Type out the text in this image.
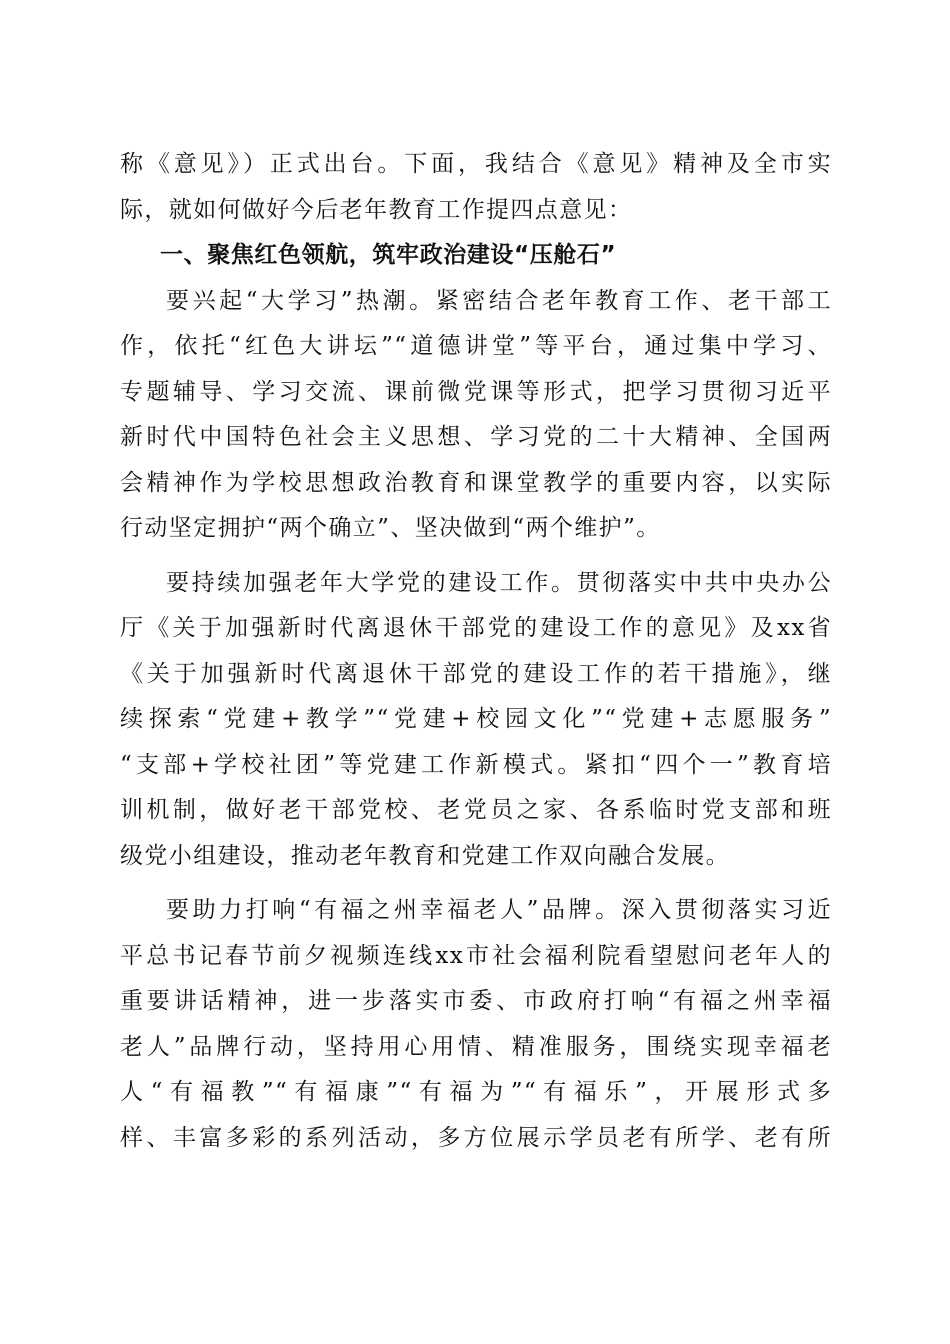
称《意见》）正式出台。下面，我结合《意见》精神及全市实
际，就如何做好今后老年教育工作提四点意见：
一、聚焦红色领航，筑牢政治建设“压舱石”
要兴起“大学习”热潮。紧密结合老年教育工作、老干部工
作，依托“红色大讲坛”“道德讲堂”等平台，通过集中学习、
专题辅导、学习交流、课前微党课等形式，把学习贯彻习近平
新时代中国特色社会主义思想、学习党的二十大精神、全国两
会精神作为学校思想政治教育和课堂教学的重要内容，以实际
行动坚定拥护“两个确立”、坚决做到“两个维护”。
要持续加强老年大学党的建设工作。贯彻落实中共中央办公
厅《关于加强新时代离退休干部党的建设工作的意见》及xx省
《关于加强新时代离退休干部党的建设工作的若干措施》，继
续探索“党建+教学”“党建+校园文化”“党建+志愿服务”
“支部+学校社团”等党建工作新模式。紧扣“四个一”教育培
训机制，做好老干部党校、老党员之家、各系临时党支部和班
级党小组建设，推动老年教育和党建工作双向融合发展。
要助力打响“有福之州幸福老人”品牌。深入贯彻落实习近
平总书记春节前夕视频连线xx市社会福利院看望慰问老年人的
重要讲话精神，进一步落实市委、市政府打响“有福之州幸福
老人”品牌行动，坚持用心用情、精准服务，围绕实现幸福老
人“有福教”“有福康”“有福为”“有福乐”，开展形式多
样、丰富多彩的系列活动，多方位展示学员老有所学、老有所
